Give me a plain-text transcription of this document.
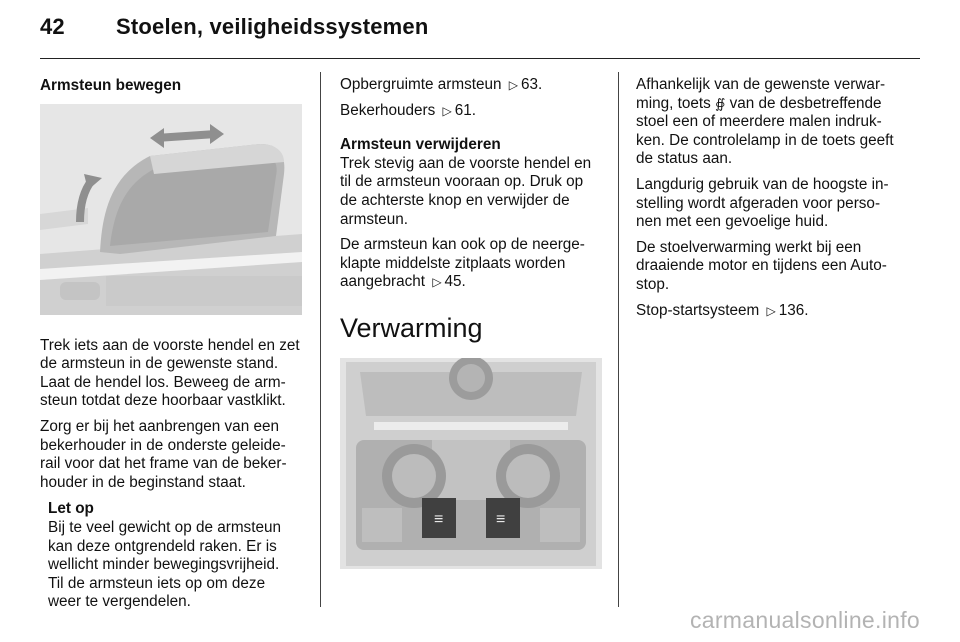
42 Stoelen, veiligheidssystemen

Armsteun bewegen

Trek iets aan de voorste hendel en zet
de armsteun in de gewenste stand.
Laat de hendel los. Beweeg de arm-
steun totdat deze hoorbaar vastklikt.

Zorg er bij het aanbrengen van een
bekerhouder in de onderste geleide-
rail voor dat het frame van de beker-
houder in de beginstand staat.

Let op

Bij te veel gewicht op de armsteun
kan deze ontgrendeld raken. Er is
wellicht minder bewegingsvrijheid.
Til de armsteun iets op om deze
weer te vergendelen.

Opbergruimte armsteun ▷ 63.

Bekerhouders ▷ 61.

Armsteun verwijderen

Trek stevig aan de voorste hendel en
til de armsteun vooraan op. Druk op
de achterste knop en verwijder de
armsteun.

De armsteun kan ook op de neerge-
klapte middelste zitplaats worden
aangebracht ▷ 45.

Verwarming
≡	≡

Afhankelijk van de gewenste verwar-
ming, toets ∯ van de desbetreffende
stoel een of meerdere malen indruk-
ken. De controlelamp in de toets geeft
de status aan.

Langdurig gebruik van de hoogste in-
stelling wordt afgeraden voor perso-
nen met een gevoelige huid.

De stoelverwarming werkt bij een
draaiende motor en tijdens een Auto-
stop.

Stop-startsysteem ▷ 136.

carmanualsonline.info
